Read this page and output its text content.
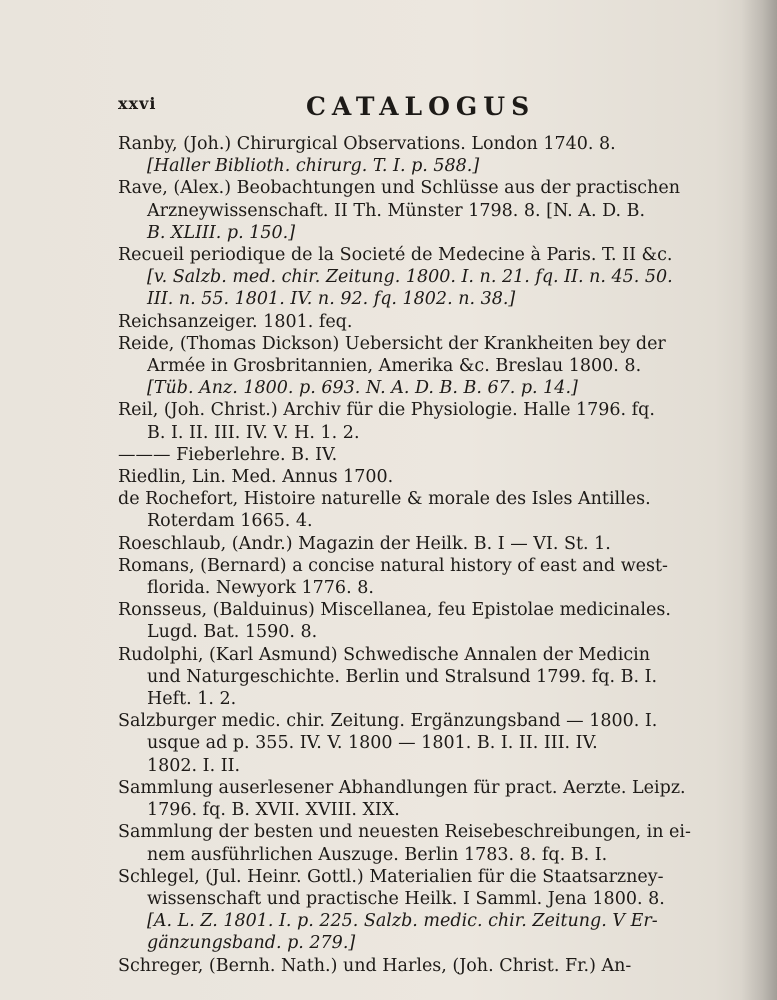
xxvi	CATALOGUS
Ranby, (Joh.) Chirurgical Observations. London 1740. 8.
[Haller Biblioth. chirurg. T. I. p. 588.]
Rave, (Alex.) Beobachtungen und Schlüsse aus der practischen
Arzneywissenschaft. II Th. Münster 1798. 8. [N. A. D. B.
B. XLIII. p. 150.]
Recueil periodique de la Societé de Medecine à Paris. T. II &c.
[v. Salzb. med. chir. Zeitung. 1800. I. n. 21. fq. II. n. 45. 50.
III. n. 55. 1801. IV. n. 92. fq. 1802. n. 38.]
Reichsanzeiger. 1801. feq.
Reide, (Thomas Dickson) Uebersicht der Krankheiten bey der
Armée in Grosbritannien, Amerika &c. Breslau 1800. 8.
[Tüb. Anz. 1800. p. 693. N. A. D. B. B. 67. p. 14.]
Reil, (Joh. Christ.) Archiv für die Physiologie. Halle 1796. fq.
B. I. II. III. IV. V. H. 1. 2.
——— Fieberlehre. B. IV.
Riedlin, Lin. Med. Annus 1700.
de Rochefort, Histoire naturelle & morale des Isles Antilles.
Roterdam 1665. 4.
Roeschlaub, (Andr.) Magazin der Heilk. B. I — VI. St. 1.
Romans, (Bernard) a concise natural history of east and west-
florida. Newyork 1776. 8.
Ronsseus, (Balduinus) Miscellanea, feu Epistolae medicinales.
Lugd. Bat. 1590. 8.
Rudolphi, (Karl Asmund) Schwedische Annalen der Medicin
und Naturgeschichte. Berlin und Stralsund 1799. fq. B. I.
Heft. 1. 2.
Salzburger medic. chir. Zeitung. Ergänzungsband — 1800. I.
usque ad p. 355. IV. V. 1800 — 1801. B. I. II. III. IV.
1802. I. II.
Sammlung auserlesener Abhandlungen für pract. Aerzte. Leipz.
1796. fq. B. XVII. XVIII. XIX.
Sammlung der besten und neuesten Reisebeschreibungen, in ei-
nem ausführlichen Auszuge. Berlin 1783. 8. fq. B. I.
Schlegel, (Jul. Heinr. Gottl.) Materialien für die Staatsarzney-
wissenschaft und practische Heilk. I Samml. Jena 1800. 8.
[A. L. Z. 1801. I. p. 225. Salzb. medic. chir. Zeitung. V Er-
gänzungsband. p. 279.]
Schreger, (Bernh. Nath.) und Harles, (Joh. Christ. Fr.) An-
